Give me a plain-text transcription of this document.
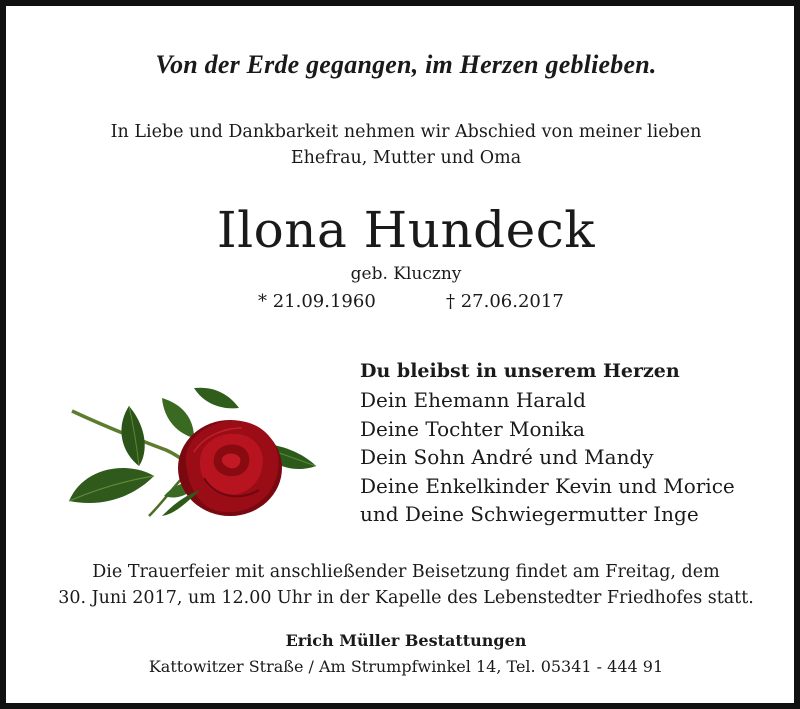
Von der Erde gegangen, im Herzen geblieben.
In Liebe und Dankbarkeit nehmen wir Abschied von meiner lieben
Ehefrau, Mutter und Oma
Ilona Hundeck
geb. Kluczny
* 21.09.1960	† 27.06.2017
Du bleibst in unserem Herzen
Dein Ehemann Harald
Deine Tochter Monika
Dein Sohn André und Mandy
Deine Enkelkinder Kevin und Morice
und Deine Schwiegermutter Inge
Die Trauerfeier mit anschließender Beisetzung findet am Freitag, dem
30. Juni 2017, um 12.00 Uhr in der Kapelle des Lebenstedter Friedhofes statt.
Erich Müller Bestattungen
Kattowitzer Straße / Am Strumpfwinkel 14, Tel. 05341 - 444 91
